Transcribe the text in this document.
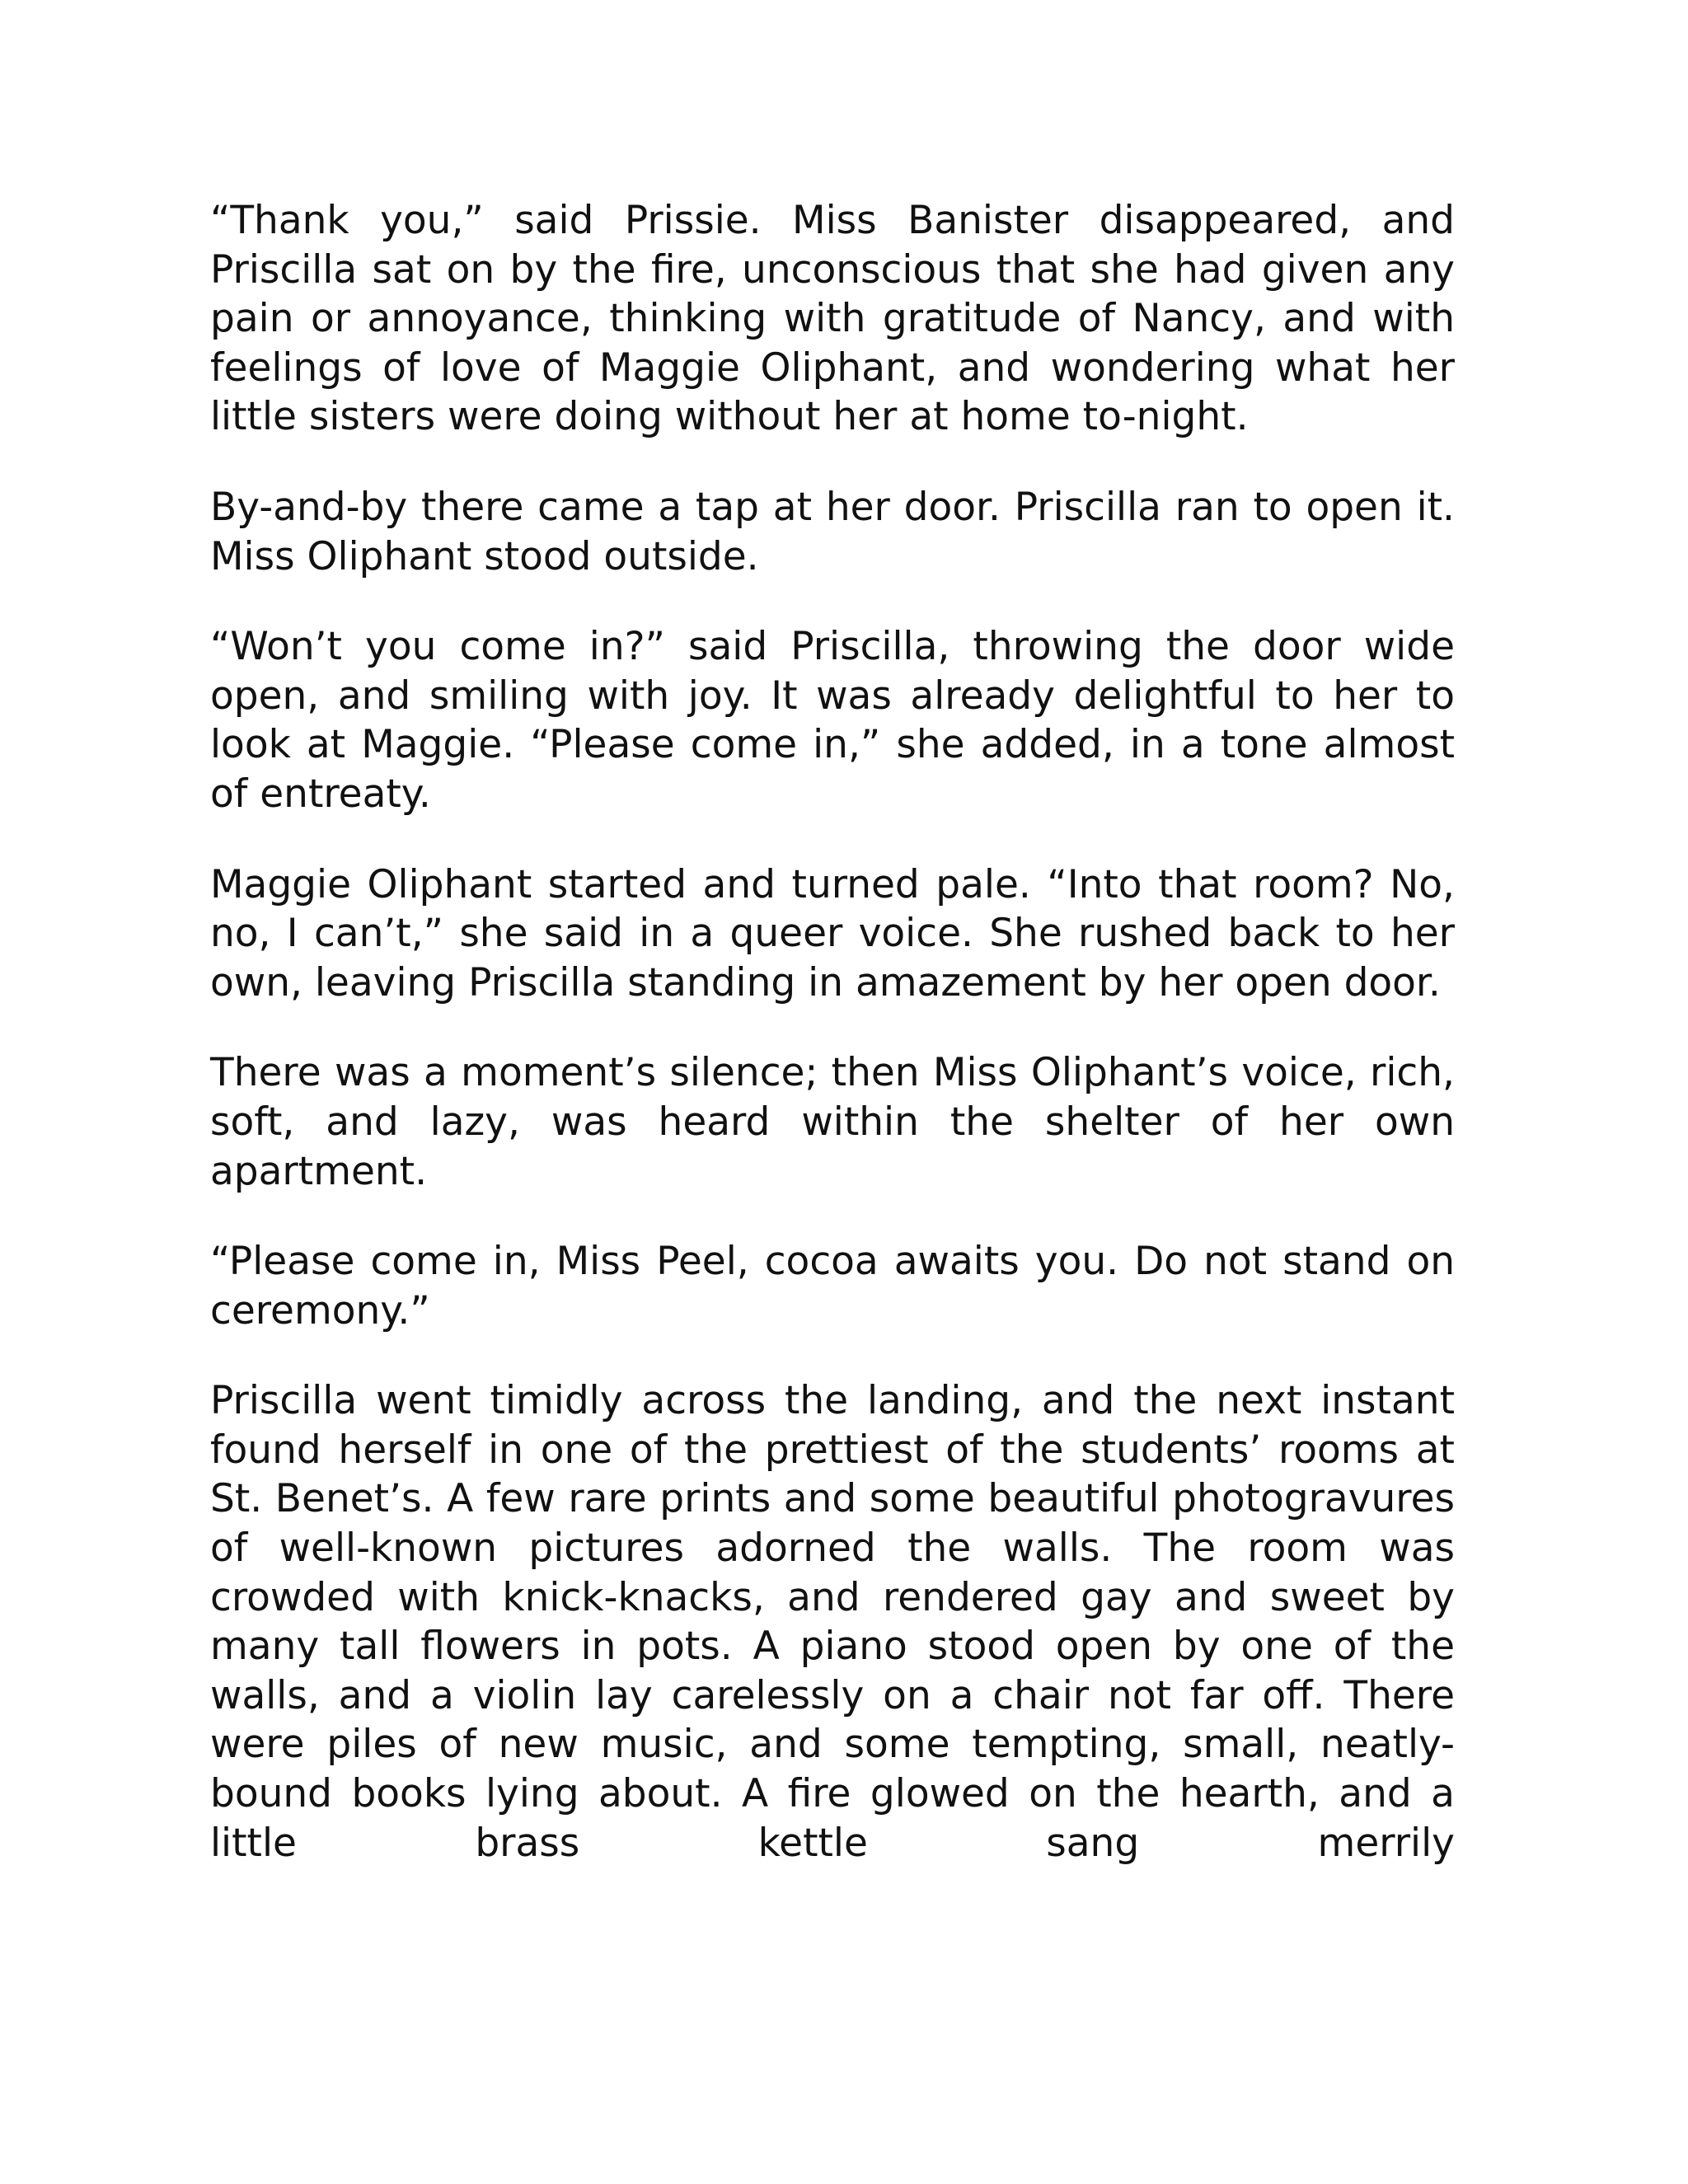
“Thank you,” said Prissie. Miss Banister disappeared, and Priscilla sat on by the fire, unconscious that she had given any pain or annoyance, thinking with gratitude of Nancy, and with feelings of love of Maggie Oliphant, and wondering what her little sisters were doing without her at home to-night.

By-and-by there came a tap at her door. Priscilla ran to open it. Miss Oliphant stood outside.

“Won’t you come in?” said Priscilla, throwing the door wide open, and smiling with joy. It was already delightful to her to look at Maggie. “Please come in,” she added, in a tone almost of entreaty.

Maggie Oliphant started and turned pale. “Into that room? No, no, I can’t,” she said in a queer voice. She rushed back to her own, leaving Priscilla standing in amazement by her open door.

There was a moment’s silence; then Miss Oliphant’s voice, rich, soft, and lazy, was heard within the shelter of her own apartment.

“Please come in, Miss Peel, cocoa awaits you. Do not stand on ceremony.”

Priscilla went timidly across the landing, and the next instant found herself in one of the prettiest of the students’ rooms at St. Benet’s. A few rare prints and some beautiful photogravures of well-known pictures adorned the walls. The room was crowded with knick-knacks, and rendered gay and sweet by many tall flowers in pots. A piano stood open by one of the walls, and a violin lay carelessly on a chair not far off. There were piles of new music, and some tempting, small, neatly-bound books lying about. A fire glowed on the hearth, and a little brass kettle sang merrily
